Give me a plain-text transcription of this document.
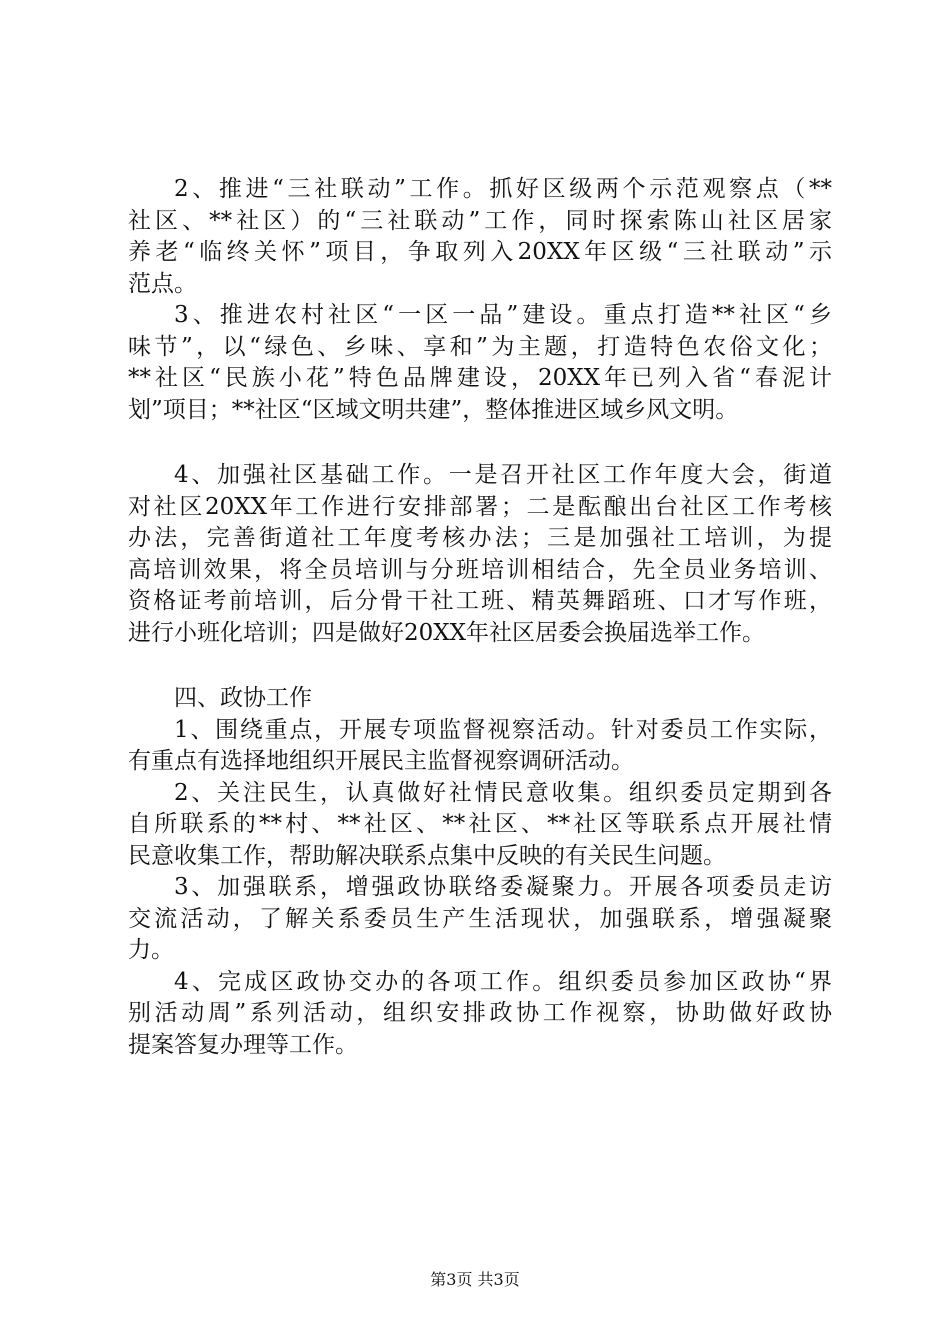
2、推进“三社联动”工作。抓好区级两个示范观察点（**
社区、**社区）的“三社联动”工作，同时探索陈山社区居家
养老“临终关怀”项目，争取列入20XX年区级“三社联动”示
范点。
3、推进农村社区“一区一品”建设。重点打造**社区“乡
味节”，以“绿色、乡味、享和”为主题，打造特色农俗文化；
**社区“民族小花”特色品牌建设，20XX年已列入省“春泥计
划”项目；**社区“区域文明共建”，整体推进区域乡风文明。
4、加强社区基础工作。一是召开社区工作年度大会，街道
对社区20XX年工作进行安排部署；二是酝酿出台社区工作考核
办法，完善街道社工年度考核办法；三是加强社工培训，为提
高培训效果，将全员培训与分班培训相结合，先全员业务培训、
资格证考前培训，后分骨干社工班、精英舞蹈班、口才写作班，
进行小班化培训；四是做好20XX年社区居委会换届选举工作。
四、政协工作
1、围绕重点，开展专项监督视察活动。针对委员工作实际，
有重点有选择地组织开展民主监督视察调研活动。
2、关注民生，认真做好社情民意收集。组织委员定期到各
自所联系的**村、**社区、**社区、**社区等联系点开展社情
民意收集工作，帮助解决联系点集中反映的有关民生问题。
3、加强联系，增强政协联络委凝聚力。开展各项委员走访
交流活动，了解关系委员生产生活现状，加强联系，增强凝聚
力。
4、完成区政协交办的各项工作。组织委员参加区政协“界
别活动周”系列活动，组织安排政协工作视察，协助做好政协
提案答复办理等工作。
第3页 共3页
